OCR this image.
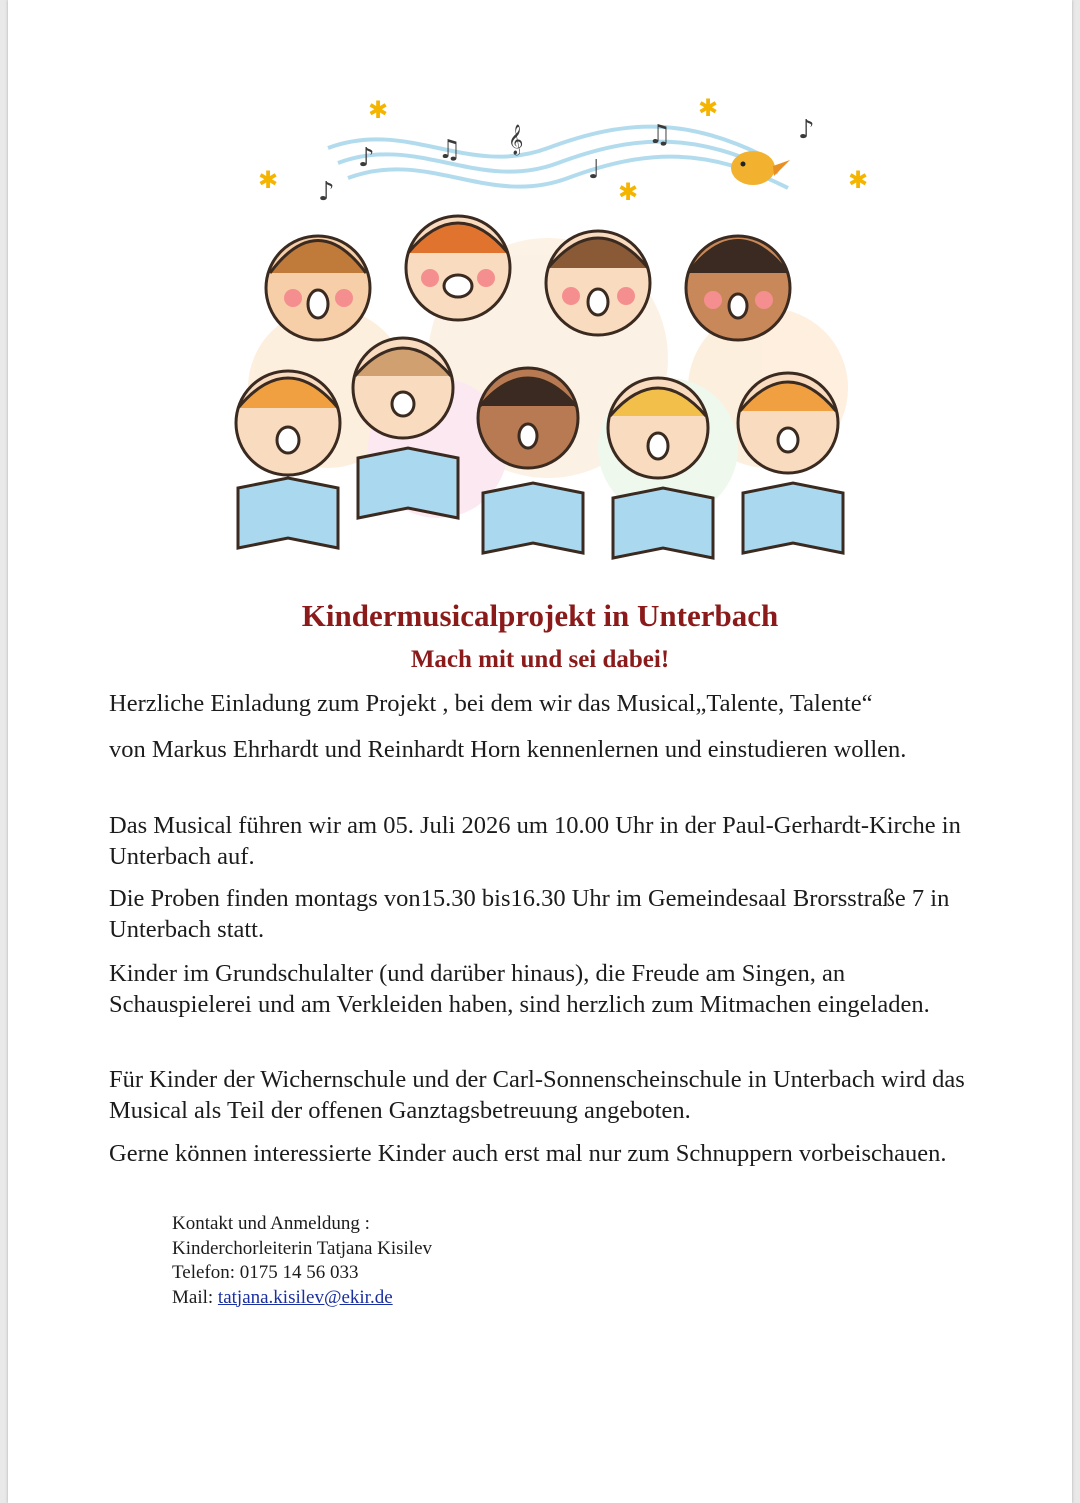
♪ ♫ 𝄞
♩
♫
♪
♪
✱	✱
✱	✱
✱
Kindermusicalprojekt in Unterbach
Mach mit und sei dabei!

Herzliche Einladung zum Projekt , bei dem wir das Musical„Talente, Talente“

von Markus Ehrhardt und Reinhardt Horn kennenlernen und einstudieren wollen.

Das Musical führen wir am 05. Juli 2026 um 10.00 Uhr in der Paul-Gerhardt-Kirche in Unterbach auf.

Die Proben finden montags von15.30 bis16.30 Uhr im Gemeindesaal Brorsstraße 7 in Unterbach statt.

Kinder im Grundschulalter (und darüber hinaus), die Freude am Singen, an Schauspielerei und am Verkleiden haben, sind herzlich zum Mitmachen eingeladen.

Für Kinder der Wichernschule und der Carl-Sonnenscheinschule in Unterbach wird das Musical als Teil der offenen Ganztagsbetreuung angeboten.

Gerne können interessierte Kinder auch erst mal nur zum Schnuppern vorbeischauen.

Kontakt und Anmeldung :
Kinderchorleiterin Tatjana Kisilev
Telefon: 0175 14 56 033
Mail: tatjana.kisilev@ekir.de
